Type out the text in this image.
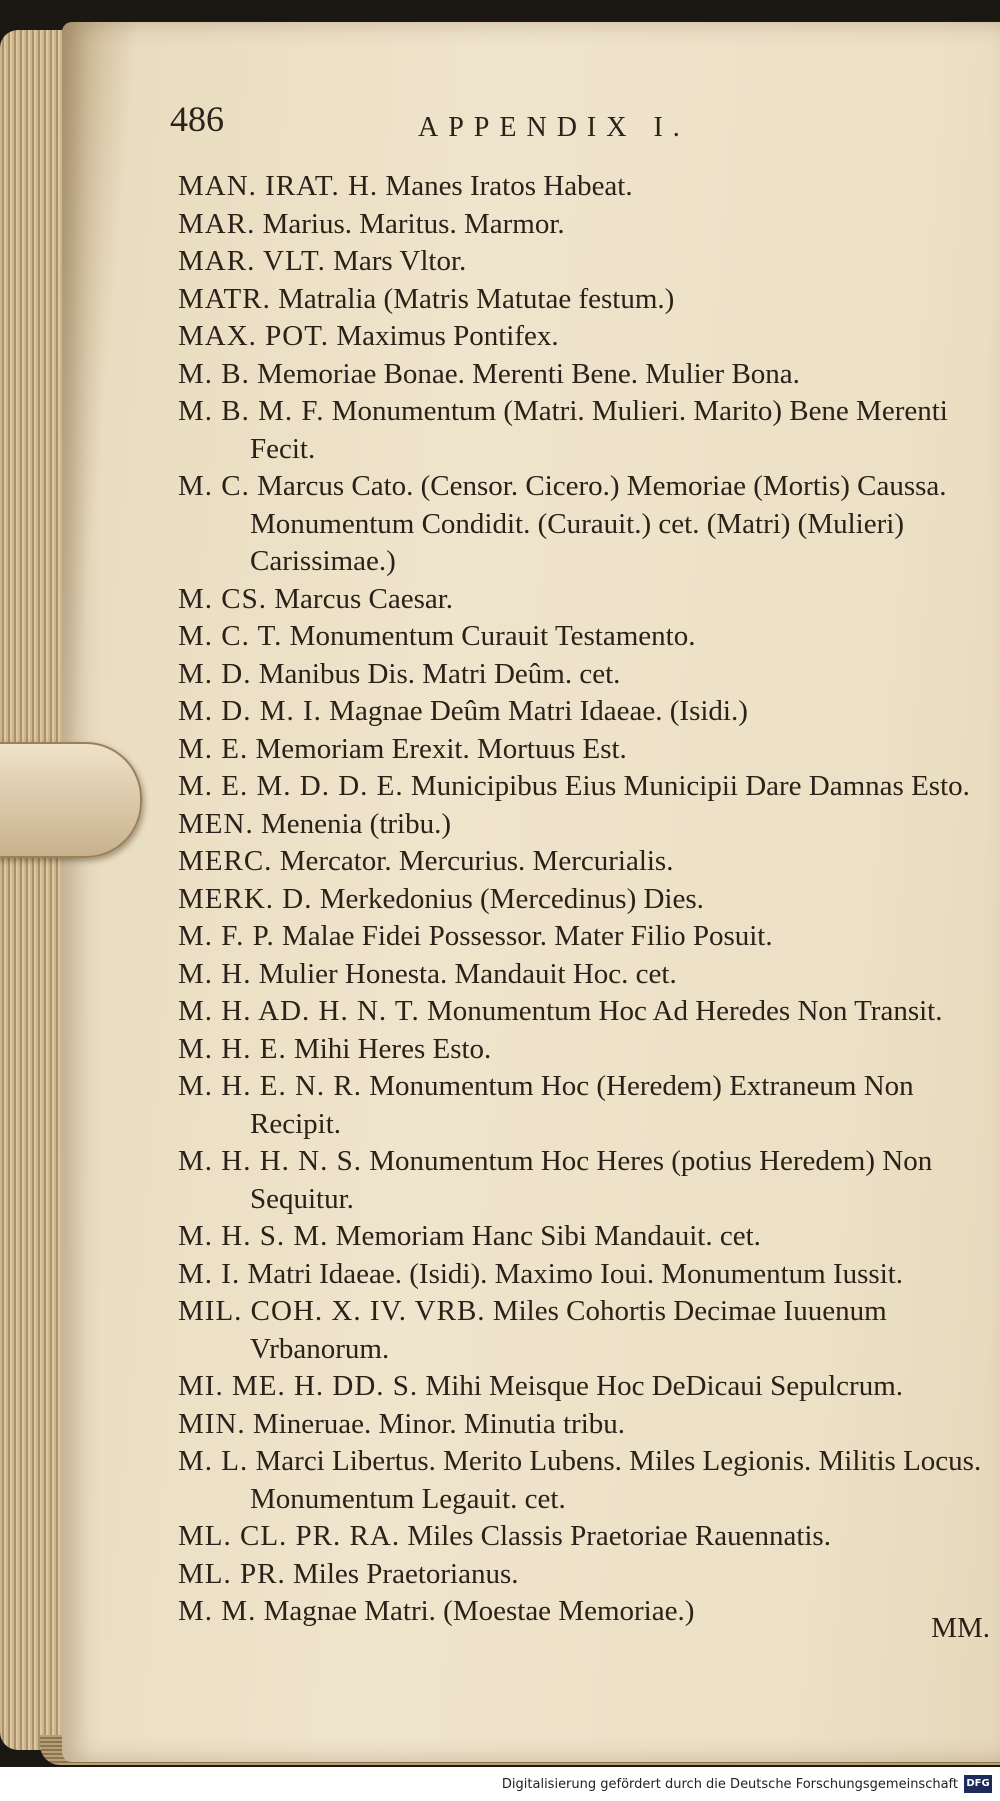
486	APPENDIX I.

MAN. IRAT. H. Manes Iratos Habeat.

MAR. Marius. Maritus. Marmor.

MAR. VLT. Mars Vltor.

MATR. Matralia (Matris Matutae festum.)

MAX. POT. Maximus Pontifex.

M. B. Memoriae Bonae. Merenti Bene. Mulier Bona.

M. B. M. F. Monumentum (Matri. Mulieri. Marito) Bene Merenti Fecit.

M. C. Marcus Cato. (Censor. Cicero.) Memoriae (Mortis) Caussa. Monumentum Condidit. (Curauit.) cet. (Matri) (Mulieri) Carissimae.)

M. CS. Marcus Caesar.

M. C. T. Monumentum Curauit Testamento.

M. D. Manibus Dis. Matri Deûm. cet.

M. D. M. I. Magnae Deûm Matri Idaeae. (Isidi.)

M. E. Memoriam Erexit. Mortuus Est.

M. E. M. D. D. E. Municipibus Eius Municipii Dare Damnas Esto.

MEN. Menenia (tribu.)

MERC. Mercator. Mercurius. Mercurialis.

MERK. D. Merkedonius (Mercedinus) Dies.

M. F. P. Malae Fidei Possessor. Mater Filio Posuit.

M. H. Mulier Honesta. Mandauit Hoc. cet.

M. H. AD. H. N. T. Monumentum Hoc Ad Heredes Non Transit.

M. H. E. Mihi Heres Esto.

M. H. E. N. R. Monumentum Hoc (Heredem) Extraneum Non Recipit.

M. H. H. N. S. Monumentum Hoc Heres (potius Heredem) Non Sequitur.

M. H. S. M. Memoriam Hanc Sibi Mandauit. cet.

M. I. Matri Idaeae. (Isidi). Maximo Ioui. Monumentum Iussit.

MIL. COH. X. IV. VRB. Miles Cohortis Decimae Iuuenum Vrbanorum.

MI. ME. H. DD. S. Mihi Meisque Hoc DeDicaui Sepulcrum.

MIN. Mineruae. Minor. Minutia tribu.

M. L. Marci Libertus. Merito Lubens. Miles Legionis. Militis Locus. Monumentum Legauit. cet.

ML. CL. PR. RA. Miles Classis Praetoriae Rauennatis.

ML. PR. Miles Praetorianus.

M. M. Magnae Matri. (Moestae Memoriae.)

MM.
Digitalisierung gefördert durch die Deutsche Forschungsgemeinschaft DFG
